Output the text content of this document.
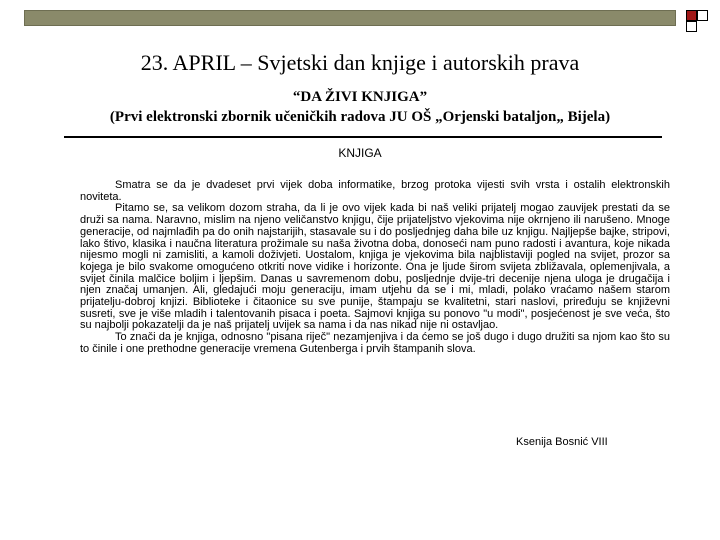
23. APRIL – Svjetski dan knjige i autorskih prava
“DA ŽIVI KNJIGA”
(Prvi elektronski zbornik učeničkih radova JU OŠ „Orjenski bataljon„ Bijela)
KNJIGA

Smatra se da je dvadeset prvi vijek doba informatike, brzog protoka vijesti svih vrsta i ostalih elektronskih noviteta.

Pitamo se, sa velikom dozom straha, da li je ovo vijek kada bi naš veliki prijatelj mogao zauvijek prestati da se druži sa nama. Naravno, mislim na njeno veličanstvo knjigu, čije prijateljstvo vjekovima nije okrnjeno ili narušeno. Mnoge generacije, od najmlađih pa do onih najstarijih, stasavale su i do posljednjeg daha bile uz knjigu. Najljepše bajke, stripovi, lako štivo, klasika i naučna literatura prožimale su naša životna doba, donoseći nam puno radosti i avantura, koje nikada nijesmo mogli ni zamisliti, a kamoli doživjeti. Uostalom, knjiga je vjekovima bila najblistaviji pogled na svijet, prozor sa kojega je bilo svakome omogućeno otkriti nove vidike i horizonte. Ona je ljude širom svijeta zbližavala, oplemenjivala, a svijet činila malčice boljim i ljepšim. Danas u savremenom dobu, posljednje dvije-tri decenije njena uloga je drugačija i njen značaj umanjen. Ali, gledajući moju generaciju, imam utjehu da se i mi, mladi, polako vraćamo našem starom prijatelju-dobroj knjizi. Biblioteke i čitaonice su sve punije, štampaju se kvalitetni, stari naslovi, priređuju se književni susreti, sve je više mladih i talentovanih pisaca i poeta. Sajmovi knjiga su ponovo "u modi", posjećenost je sve veća, što su najbolji pokazatelji da je naš prijatelj uvijek sa nama i da nas nikad nije ni ostavljao.

To znači da je knjiga, odnosno "pisana riječ" nezamjenjiva i da ćemo se još dugo i dugo družiti sa njom kao što su to činile i one prethodne generacije vremena Gutenberga i prvih štampanih slova.

Ksenija Bosnić VIII
